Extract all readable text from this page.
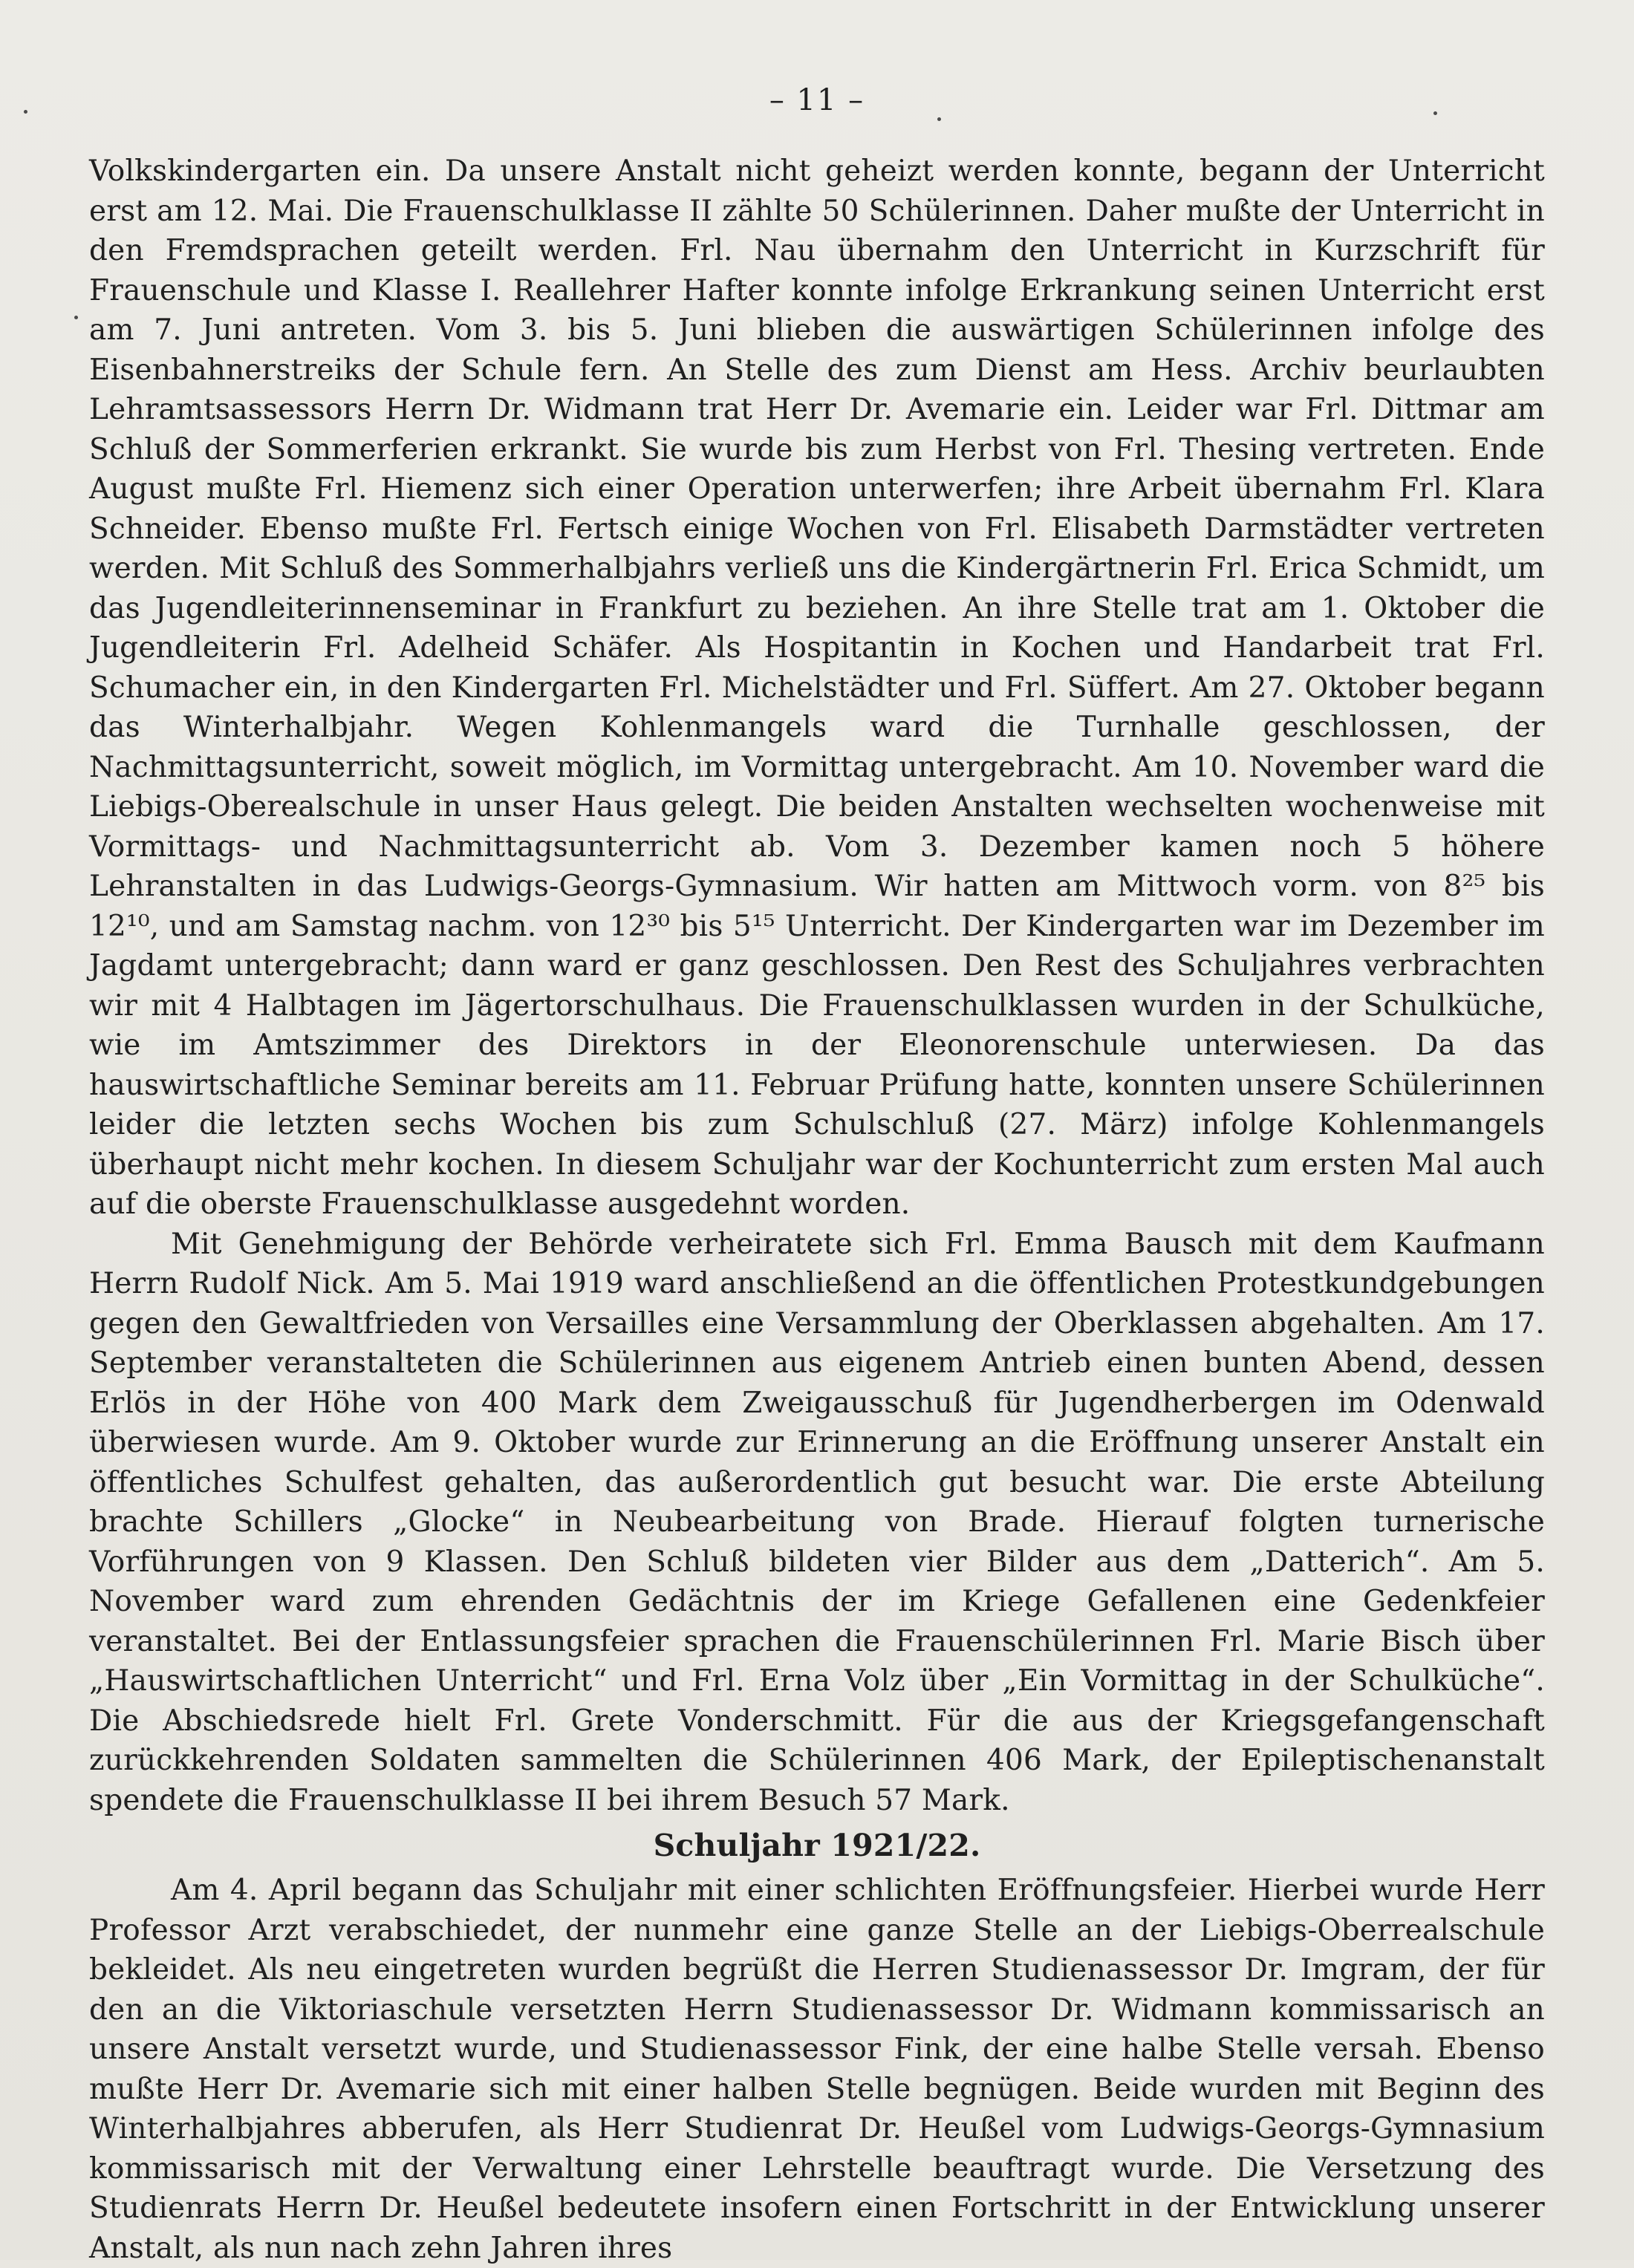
– 11 –

Volkskindergarten ein. Da unsere Anstalt nicht geheizt werden konnte, begann der Unterricht erst am 12. Mai. Die Frauenschulklasse II zählte 50 Schülerinnen. Daher mußte der Unterricht in den Fremdsprachen geteilt werden. Frl. Nau übernahm den Unterricht in Kurzschrift für Frauenschule und Klasse I. Reallehrer Hafter konnte infolge Erkrankung seinen Unterricht erst am 7. Juni antreten. Vom 3. bis 5. Juni blieben die auswärtigen Schülerinnen infolge des Eisenbahnerstreiks der Schule fern. An Stelle des zum Dienst am Hess. Archiv beurlaubten Lehramtsassessors Herrn Dr. Widmann trat Herr Dr. Avemarie ein. Leider war Frl. Dittmar am Schluß der Sommerferien erkrankt. Sie wurde bis zum Herbst von Frl. Thesing vertreten. Ende August mußte Frl. Hiemenz sich einer Operation unterwerfen; ihre Arbeit übernahm Frl. Klara Schneider. Ebenso mußte Frl. Fertsch einige Wochen von Frl. Elisabeth Darmstädter vertreten werden. Mit Schluß des Sommerhalbjahrs verließ uns die Kindergärtnerin Frl. Erica Schmidt, um das Jugendleiterinnenseminar in Frankfurt zu beziehen. An ihre Stelle trat am 1. Oktober die Jugendleiterin Frl. Adelheid Schäfer. Als Hospitantin in Kochen und Handarbeit trat Frl. Schumacher ein, in den Kindergarten Frl. Michelstädter und Frl. Süffert. Am 27. Oktober begann das Winterhalbjahr. Wegen Kohlenmangels ward die Turnhalle geschlossen, der Nachmittagsunterricht, soweit möglich, im Vormittag untergebracht. Am 10. November ward die Liebigs-Oberealschule in unser Haus gelegt. Die beiden Anstalten wechselten wochenweise mit Vormittags- und Nachmittagsunterricht ab. Vom 3. Dezember kamen noch 5 höhere Lehranstalten in das Ludwigs-Georgs-Gymnasium. Wir hatten am Mittwoch vorm. von 8²⁵ bis 12¹⁰, und am Samstag nachm. von 12³⁰ bis 5¹⁵ Unterricht. Der Kindergarten war im Dezember im Jagdamt untergebracht; dann ward er ganz geschlossen. Den Rest des Schuljahres verbrachten wir mit 4 Halbtagen im Jägertorschulhaus. Die Frauenschulklassen wurden in der Schulküche, wie im Amtszimmer des Direktors in der Eleonorenschule unterwiesen. Da das hauswirtschaftliche Seminar bereits am 11. Februar Prüfung hatte, konnten unsere Schülerinnen leider die letzten sechs Wochen bis zum Schulschluß (27. März) infolge Kohlenmangels überhaupt nicht mehr kochen. In diesem Schuljahr war der Kochunterricht zum ersten Mal auch auf die oberste Frauenschulklasse ausgedehnt worden.

Mit Genehmigung der Behörde verheiratete sich Frl. Emma Bausch mit dem Kaufmann Herrn Rudolf Nick. Am 5. Mai 1919 ward anschließend an die öffentlichen Protestkundgebungen gegen den Gewaltfrieden von Versailles eine Versammlung der Oberklassen abgehalten. Am 17. September veranstalteten die Schülerinnen aus eigenem Antrieb einen bunten Abend, dessen Erlös in der Höhe von 400 Mark dem Zweigausschuß für Jugendherbergen im Odenwald überwiesen wurde. Am 9. Oktober wurde zur Erinnerung an die Eröffnung unserer Anstalt ein öffentliches Schulfest gehalten, das außerordentlich gut besucht war. Die erste Abteilung brachte Schillers „Glocke“ in Neubearbeitung von Brade. Hierauf folgten turnerische Vorführungen von 9 Klassen. Den Schluß bildeten vier Bilder aus dem „Datterich“. Am 5. November ward zum ehrenden Gedächtnis der im Kriege Gefallenen eine Gedenkfeier veranstaltet. Bei der Entlassungsfeier sprachen die Frauenschülerinnen Frl. Marie Bisch über „Hauswirtschaftlichen Unterricht“ und Frl. Erna Volz über „Ein Vormittag in der Schulküche“. Die Abschiedsrede hielt Frl. Grete Vonderschmitt. Für die aus der Kriegsgefangenschaft zurückkehrenden Soldaten sammelten die Schülerinnen 406 Mark, der Epileptischenanstalt spendete die Frauenschulklasse II bei ihrem Besuch 57 Mark.

Schuljahr 1921/22.

Am 4. April begann das Schuljahr mit einer schlichten Eröffnungsfeier. Hierbei wurde Herr Professor Arzt verabschiedet, der nunmehr eine ganze Stelle an der Liebigs-Oberrealschule bekleidet. Als neu eingetreten wurden begrüßt die Herren Studienassessor Dr. Imgram, der für den an die Viktoriaschule versetzten Herrn Studienassessor Dr. Widmann kommissarisch an unsere Anstalt versetzt wurde, und Studienassessor Fink, der eine halbe Stelle versah. Ebenso mußte Herr Dr. Avemarie sich mit einer halben Stelle begnügen. Beide wurden mit Beginn des Winterhalbjahres abberufen, als Herr Studienrat Dr. Heußel vom Ludwigs-Georgs-Gymnasium kommissarisch mit der Verwaltung einer Lehrstelle beauftragt wurde. Die Versetzung des Studienrats Herrn Dr. Heußel bedeutete insofern einen Fortschritt in der Entwicklung unserer Anstalt, als nun nach zehn Jahren ihres
